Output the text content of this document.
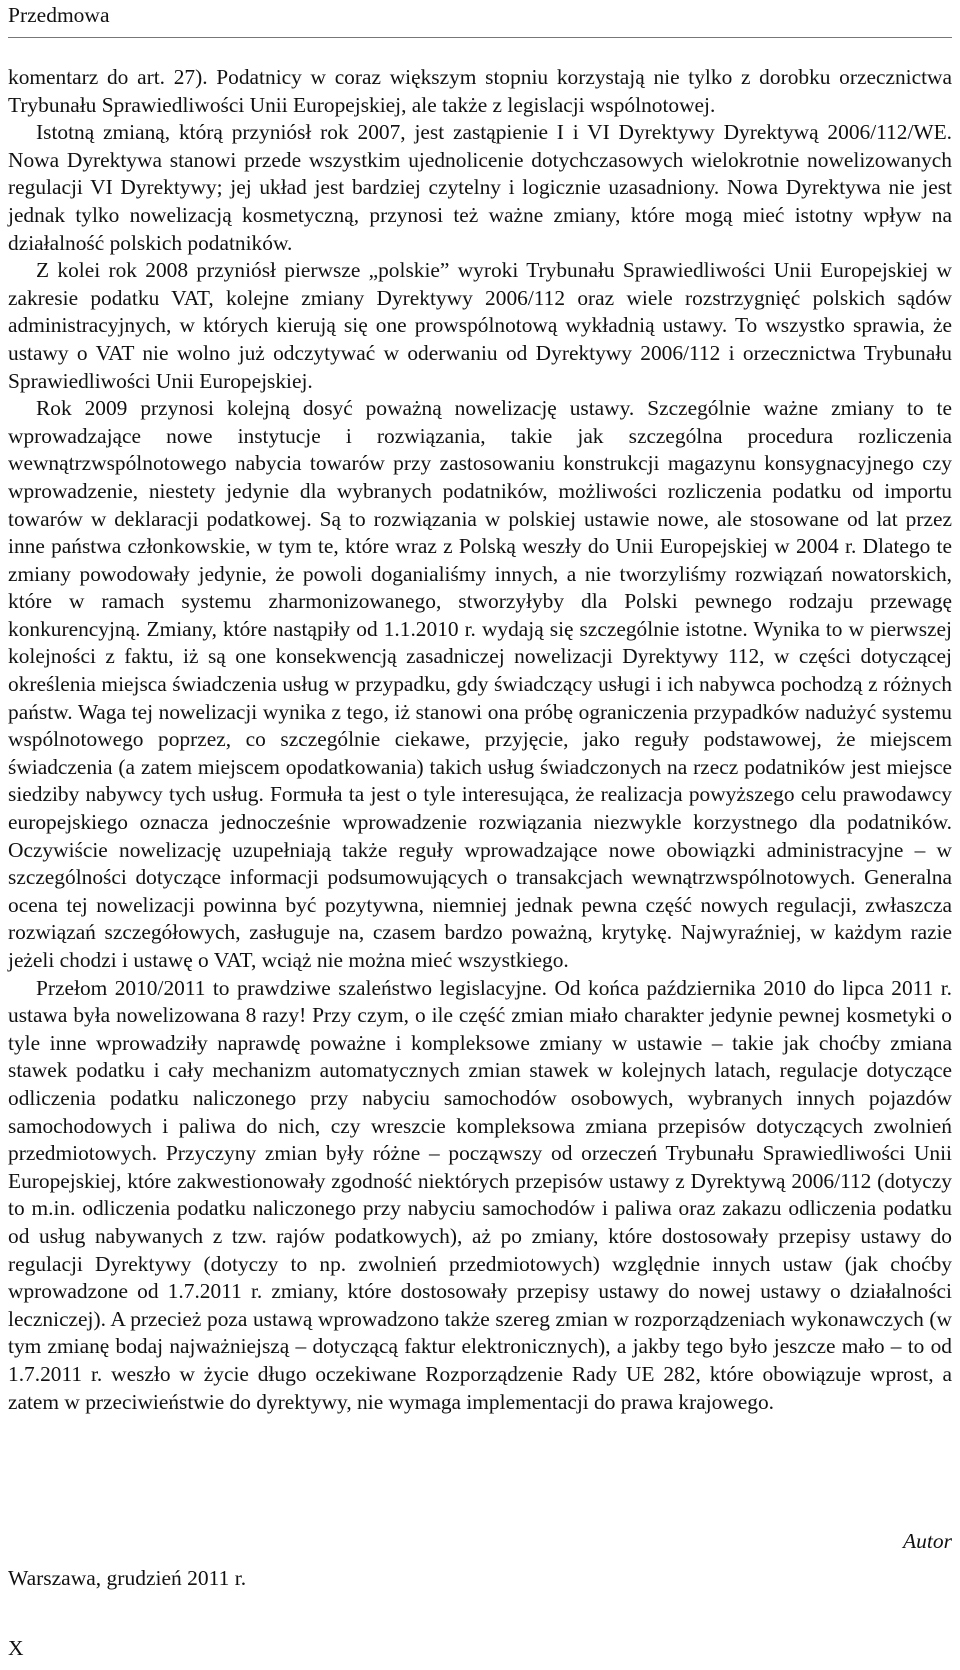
Przedmowa

komentarz do art. 27). Podatnicy w coraz większym stopniu korzystają nie tylko z dorobku orzecznictwa Trybunału Sprawiedliwości Unii Europejskiej, ale także z legislacji wspólnotowej.

Istotną zmianą, którą przyniósł rok 2007, jest zastąpienie I i VI Dyrektywy Dyrektywą 2006/112/WE. Nowa Dyrektywa stanowi przede wszystkim ujednolicenie dotychczasowych wielokrotnie nowelizowanych regulacji VI Dyrektywy; jej układ jest bardziej czytelny i logicznie uzasadniony. Nowa Dyrektywa nie jest jednak tylko nowelizacją kosmetyczną, przynosi też ważne zmiany, które mogą mieć istotny wpływ na działalność polskich podatników.

Z kolei rok 2008 przyniósł pierwsze „polskie” wyroki Trybunału Sprawiedliwości Unii Europejskiej w zakresie podatku VAT, kolejne zmiany Dyrektywy 2006/112 oraz wiele rozstrzygnięć polskich sądów administracyjnych, w których kierują się one prowspólnotową wykładnią ustawy. To wszystko sprawia, że ustawy o VAT nie wolno już odczytywać w oderwaniu od Dyrektywy 2006/112 i orzecznictwa Trybunału Sprawiedliwości Unii Europejskiej.

Rok 2009 przynosi kolejną dosyć poważną nowelizację ustawy. Szczególnie ważne zmiany to te wprowadzające nowe instytucje i rozwiązania, takie jak szczególna procedura rozliczenia wewnątrzwspólnotowego nabycia towarów przy zastosowaniu konstrukcji magazynu konsygnacyjnego czy wprowadzenie, niestety jedynie dla wybranych podatników, możliwości rozliczenia podatku od importu towarów w deklaracji podatkowej. Są to rozwiązania w polskiej ustawie nowe, ale stosowane od lat przez inne państwa członkowskie, w tym te, które wraz z Polską weszły do Unii Europejskiej w 2004 r. Dlatego te zmiany powodowały jedynie, że powoli doganialiśmy innych, a nie tworzyliśmy rozwiązań nowatorskich, które w ramach systemu zharmonizowanego, stworzyłyby dla Polski pewnego rodzaju przewagę konkurencyjną. Zmiany, które nastąpiły od 1.1.2010 r. wydają się szczególnie istotne. Wynika to w pierwszej kolejności z faktu, iż są one konsekwencją zasadniczej nowelizacji Dyrektywy 112, w części dotyczącej określenia miejsca świadczenia usług w przypadku, gdy świadczący usługi i ich nabywca pochodzą z różnych państw. Waga tej nowelizacji wynika z tego, iż stanowi ona próbę ograniczenia przypadków nadużyć systemu wspólnotowego poprzez, co szczególnie ciekawe, przyjęcie, jako reguły podstawowej, że miejscem świadczenia (a zatem miejscem opodatkowania) takich usług świadczonych na rzecz podatników jest miejsce siedziby nabywcy tych usług. Formuła ta jest o tyle interesująca, że realizacja powyższego celu prawodawcy europejskiego oznacza jednocześnie wprowadzenie rozwiązania niezwykle korzystnego dla podatników. Oczywiście nowelizację uzupełniają także reguły wprowadzające nowe obowiązki administracyjne – w szczególności dotyczące informacji podsumowujących o transakcjach wewnątrzwspólnotowych. Generalna ocena tej nowelizacji powinna być pozytywna, niemniej jednak pewna część nowych regulacji, zwłaszcza rozwiązań szczegółowych, zasługuje na, czasem bardzo poważną, krytykę. Najwyraźniej, w każdym razie jeżeli chodzi i ustawę o VAT, wciąż nie można mieć wszystkiego.

Przełom 2010/2011 to prawdziwe szaleństwo legislacyjne. Od końca października 2010 do lipca 2011 r. ustawa była nowelizowana 8 razy! Przy czym, o ile część zmian miało charakter jedynie pewnej kosmetyki o tyle inne wprowadziły naprawdę poważne i kompleksowe zmiany w ustawie – takie jak choćby zmiana stawek podatku i cały mechanizm automatycznych zmian stawek w kolejnych latach, regulacje dotyczące odliczenia podatku naliczonego przy nabyciu samochodów osobowych, wybranych innych pojazdów samochodowych i paliwa do nich, czy wreszcie kompleksowa zmiana przepisów dotyczących zwolnień przedmiotowych. Przyczyny zmian były różne – począwszy od orzeczeń Trybunału Sprawiedliwości Unii Europejskiej, które zakwestionowały zgodność niektórych przepisów ustawy z Dyrektywą 2006/112 (dotyczy to m.in. odliczenia podatku naliczonego przy nabyciu samochodów i paliwa oraz zakazu odliczenia podatku od usług nabywanych z tzw. rajów podatkowych), aż po zmiany, które dostosowały przepisy ustawy do regulacji Dyrektywy (dotyczy to np. zwolnień przedmiotowych) względnie innych ustaw (jak choćby wprowadzone od 1.7.2011 r. zmiany, które dostosowały przepisy ustawy do nowej ustawy o działalności leczniczej). A przecież poza ustawą wprowadzono także szereg zmian w rozporządzeniach wykonawczych (w tym zmianę bodaj najważniejszą – dotyczącą faktur elektronicznych), a jakby tego było jeszcze mało – to od 1.7.2011 r. weszło w życie długo oczekiwane Rozporządzenie Rady UE 282, które obowiązuje wprost, a zatem w przeciwieństwie do dyrektywy, nie wymaga implementacji do prawa krajowego.

Autor

Warszawa, grudzień 2011 r.

X
